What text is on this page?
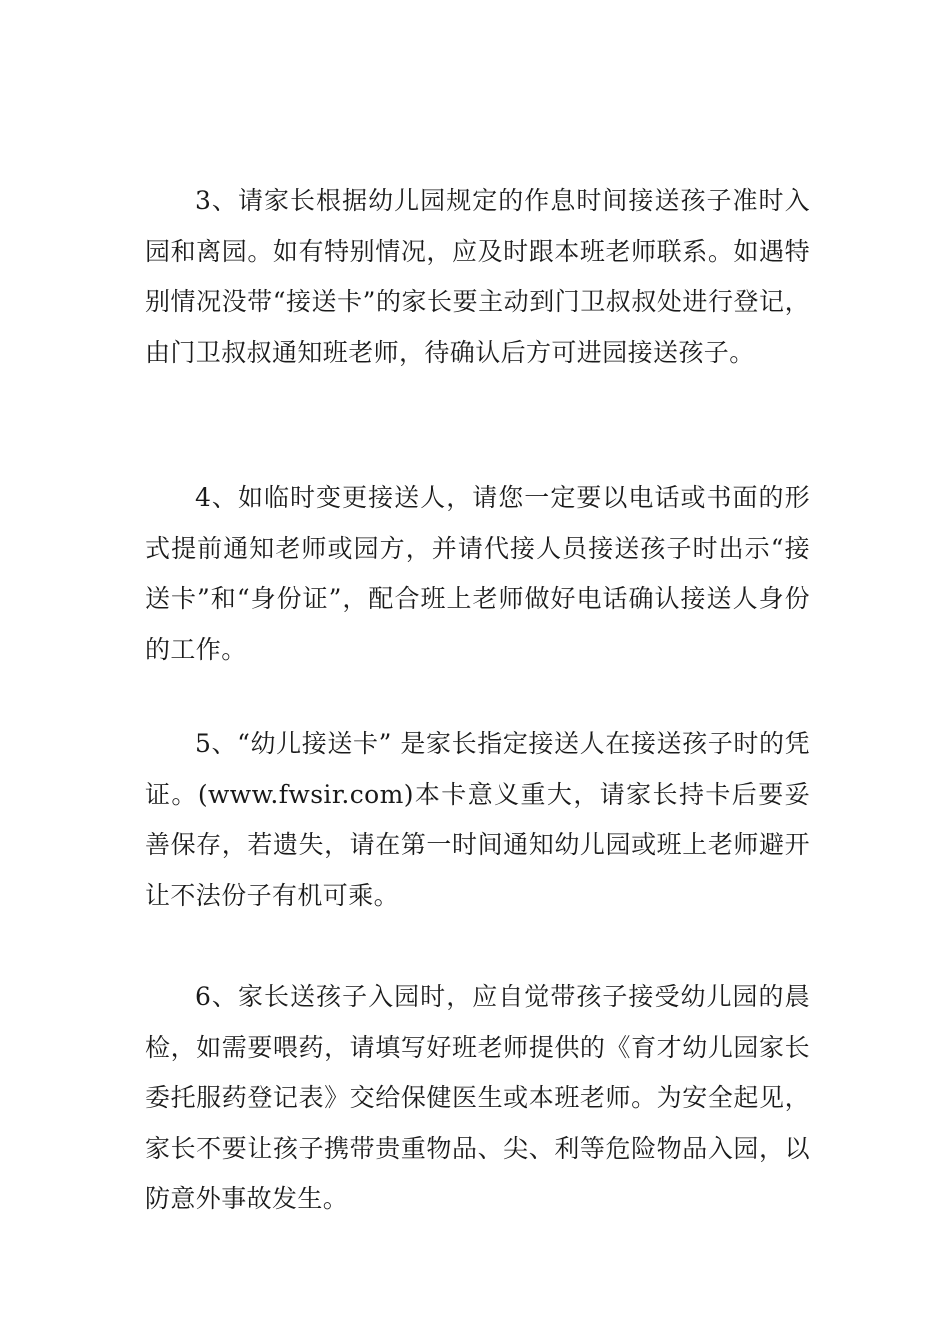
3、请家长根据幼儿园规定的作息时间接送孩子准时入园和离园。如有特别情况，应及时跟本班老师联系。如遇特别情况没带“接送卡”的家长要主动到门卫叔叔处进行登记，由门卫叔叔通知班老师，待确认后方可进园接送孩子。

4、如临时变更接送人，请您一定要以电话或书面的形式提前通知老师或园方，并请代接人员接送孩子时出示“接送卡”和“身份证”，配合班上老师做好电话确认接送人身份的工作。

5、“幼儿接送卡” 是家长指定接送人在接送孩子时的凭证。(www.fwsir.com)本卡意义重大，请家长持卡后要妥善保存，若遗失，请在第一时间通知幼儿园或班上老师避开让不法份子有机可乘。

6、家长送孩子入园时，应自觉带孩子接受幼儿园的晨检，如需要喂药，请填写好班老师提供的《育才幼儿园家长委托服药登记表》交给保健医生或本班老师。为安全起见，家长不要让孩子携带贵重物品、尖、利等危险物品入园，以防意外事故发生。
